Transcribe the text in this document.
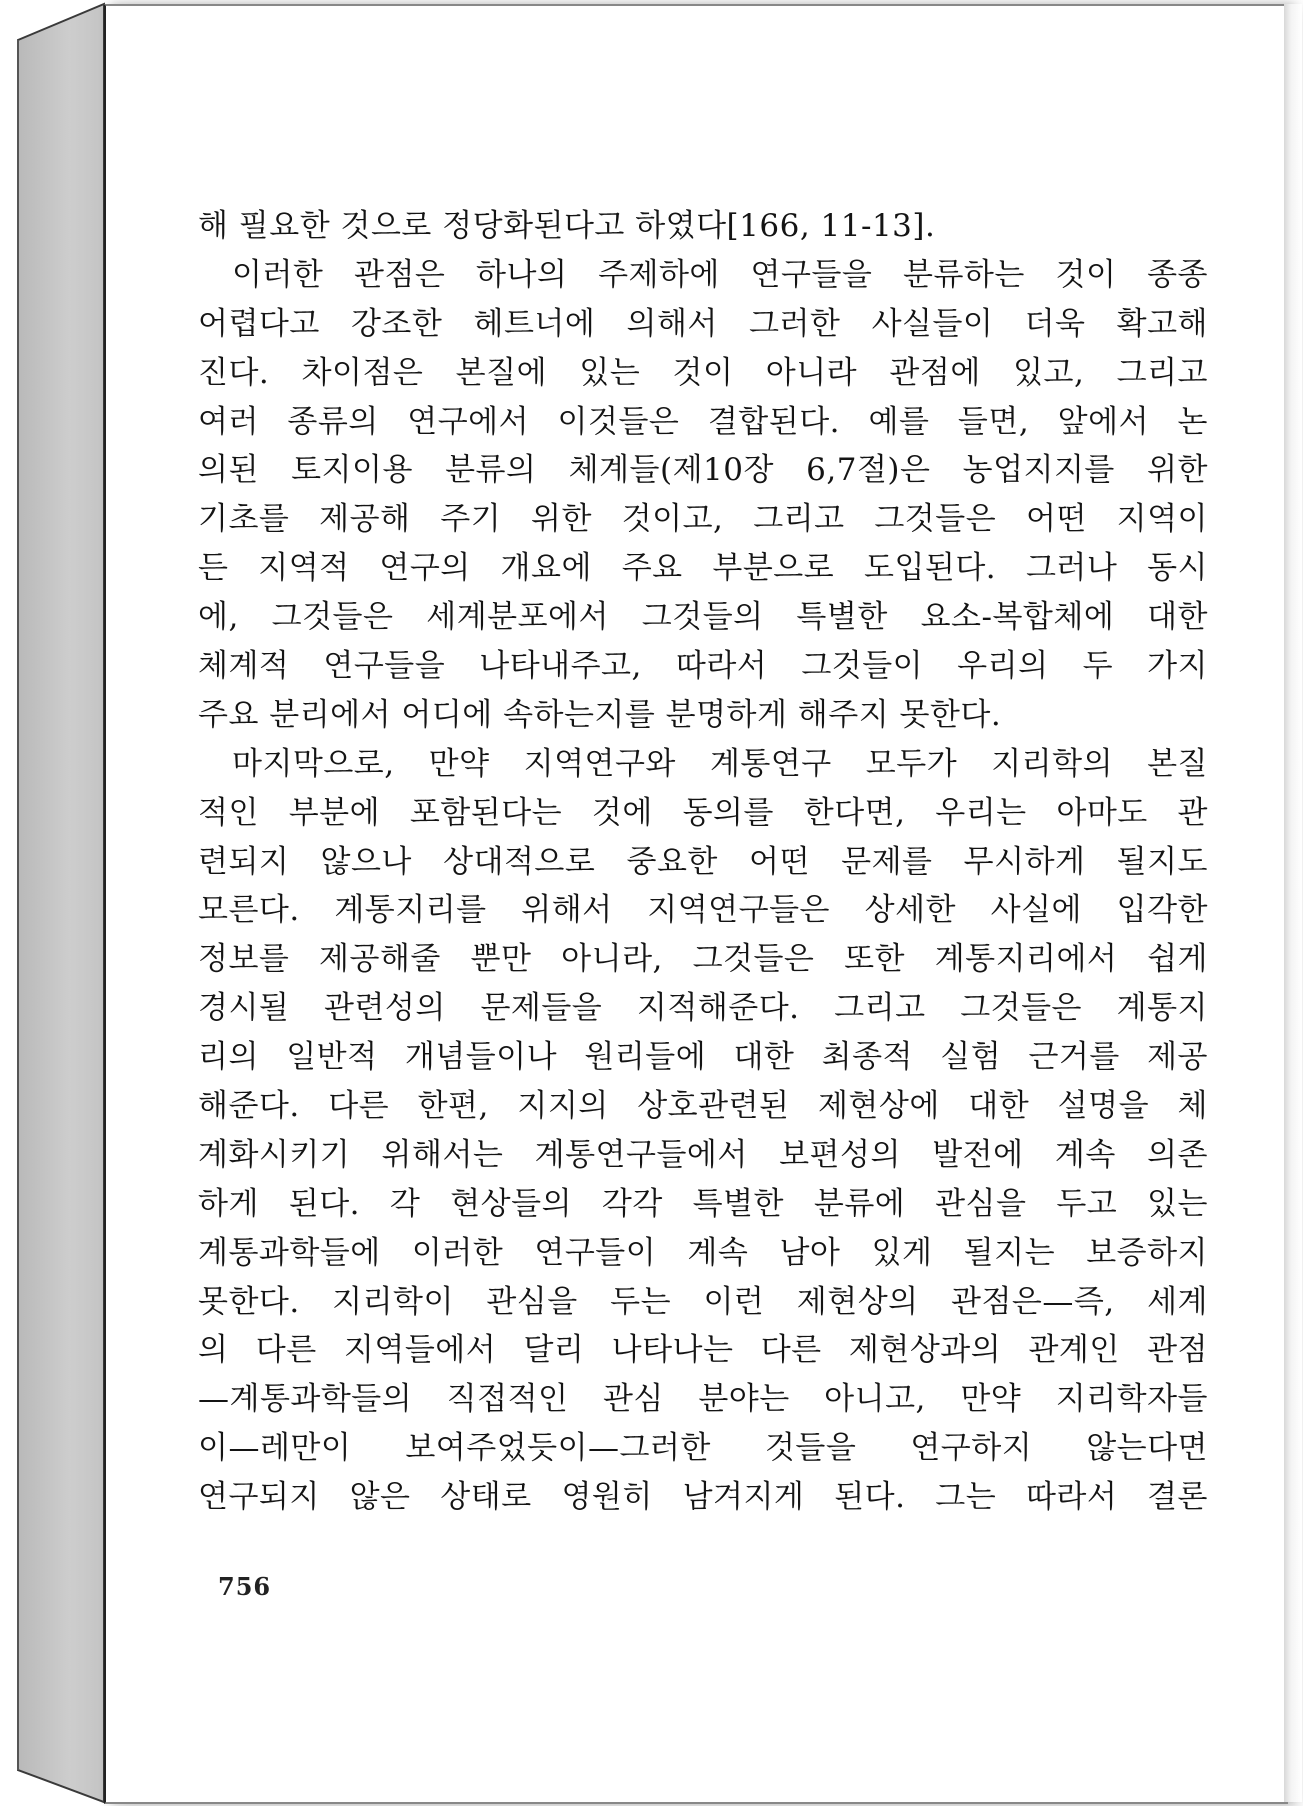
해 필요한 것으로 정당화된다고 하였다[166, 11-13].
이러한 관점은 하나의 주제하에 연구들을 분류하는 것이 종종
어렵다고 강조한 헤트너에 의해서 그러한 사실들이 더욱 확고해
진다. 차이점은 본질에 있는 것이 아니라 관점에 있고, 그리고
여러 종류의 연구에서 이것들은 결합된다. 예를 들면, 앞에서 논
의된 토지이용 분류의 체계들(제10장 6,7절)은 농업지지를 위한
기초를 제공해 주기 위한 것이고, 그리고 그것들은 어떤 지역이
든 지역적 연구의 개요에 주요 부분으로 도입된다. 그러나 동시
에, 그것들은 세계분포에서 그것들의 특별한 요소-복합체에 대한
체계적 연구들을 나타내주고, 따라서 그것들이 우리의 두 가지
주요 분리에서 어디에 속하는지를 분명하게 해주지 못한다.
마지막으로, 만약 지역연구와 계통연구 모두가 지리학의 본질
적인 부분에 포함된다는 것에 동의를 한다면, 우리는 아마도 관
련되지 않으나 상대적으로 중요한 어떤 문제를 무시하게 될지도
모른다. 계통지리를 위해서 지역연구들은 상세한 사실에 입각한
정보를 제공해줄 뿐만 아니라, 그것들은 또한 계통지리에서 쉽게
경시될 관련성의 문제들을 지적해준다. 그리고 그것들은 계통지
리의 일반적 개념들이나 원리들에 대한 최종적 실험 근거를 제공
해준다. 다른 한편, 지지의 상호관련된 제현상에 대한 설명을 체
계화시키기 위해서는 계통연구들에서 보편성의 발전에 계속 의존
하게 된다. 각 현상들의 각각 특별한 분류에 관심을 두고 있는
계통과학들에 이러한 연구들이 계속 남아 있게 될지는 보증하지
못한다. 지리학이 관심을 두는 이런 제현상의 관점은—즉, 세계
의 다른 지역들에서 달리 나타나는 다른 제현상과의 관계인 관점
—계통과학들의 직접적인 관심 분야는 아니고, 만약 지리학자들
이—레만이 보여주었듯이—그러한 것들을 연구하지 않는다면
연구되지 않은 상태로 영원히 남겨지게 된다. 그는 따라서 결론
756
